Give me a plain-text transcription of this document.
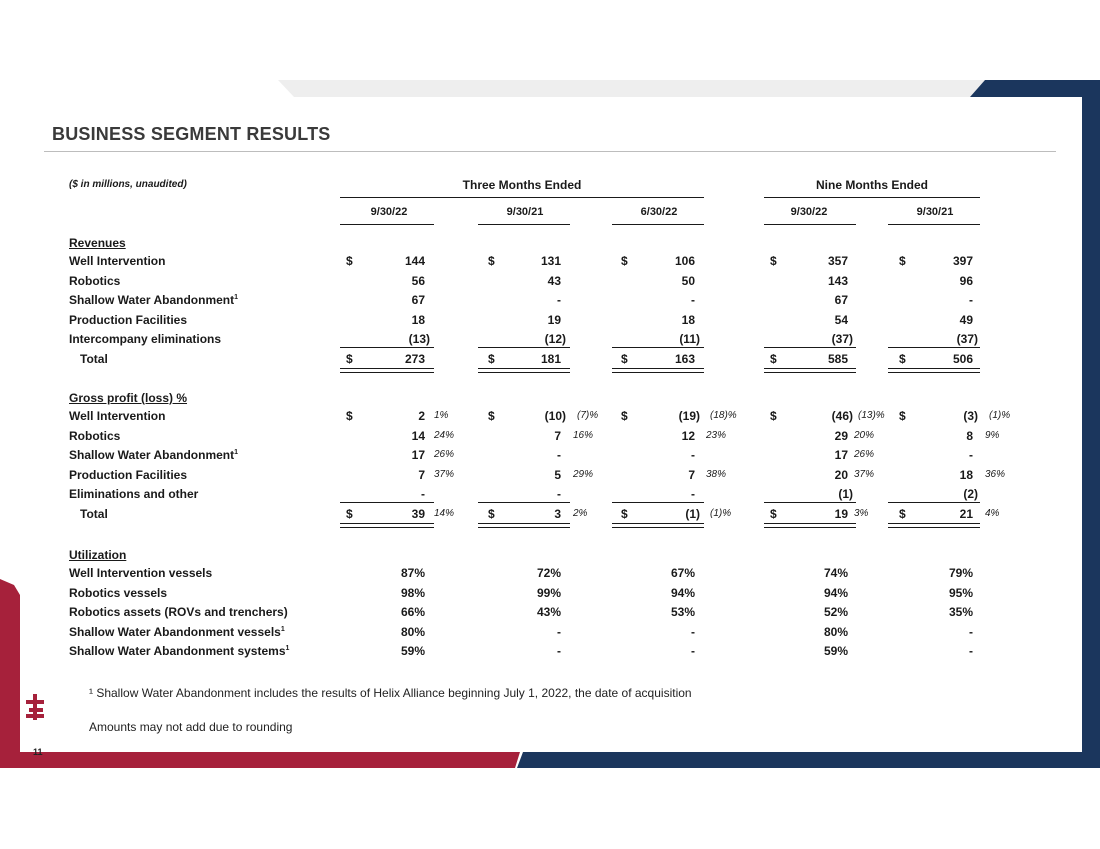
BUSINESS SEGMENT RESULTS
($ in millions, unaudited)	Three Months Ended	Nine Months Ended
9/30/22	9/30/21	6/30/22	9/30/22	9/30/21
Revenues
Well Intervention	$	144	$	131	$	106	$	357	$	397
Robotics	56	43	50	143	96
Shallow Water Abandonment$^1$	67	-	-	67	-
Production Facilities	18	19	18	54	49
Intercompany eliminations	(13)	(12)	(11)	(37)	(37)
Total	$	273	$	181	$	163	$	585	$	506
Gross profit (loss) %
Well Intervention	$	2 1%	$	(10) (7)% $	(19) (18)%	$	(46) (13)% $	(3) (1)%
Robotics	14 24%	7 16%	12 23%	29 20%	8 9%
Shallow Water Abandonment$^1$	17 26%	-	-	17 26%	-
Production Facilities	7 37%	5 29%	7 38%	20 37%	18 36%
Eliminations and other	-	-	-	(1)	(2)
Total	$	39 14%	$	3 2%	$	(1) (1)%	$	19 3%	$	21 4%
Utilization
Well Intervention vessels	87%	72%	67%	74%	79%
Robotics vessels	98%	99%	94%	94%	95%
Robotics assets (ROVs and trenchers)	66%	43%	53%	52%	35%
Shallow Water Abandonment vessels$^1$	80%	-	-	80%	-
Shallow Water Abandonment systems$^1$	59%	-	-	59%	-
¹ Shallow Water Abandonment includes the results of Helix Alliance beginning July 1, 2022, the date of acquisition
Amounts may not add due to rounding
11
